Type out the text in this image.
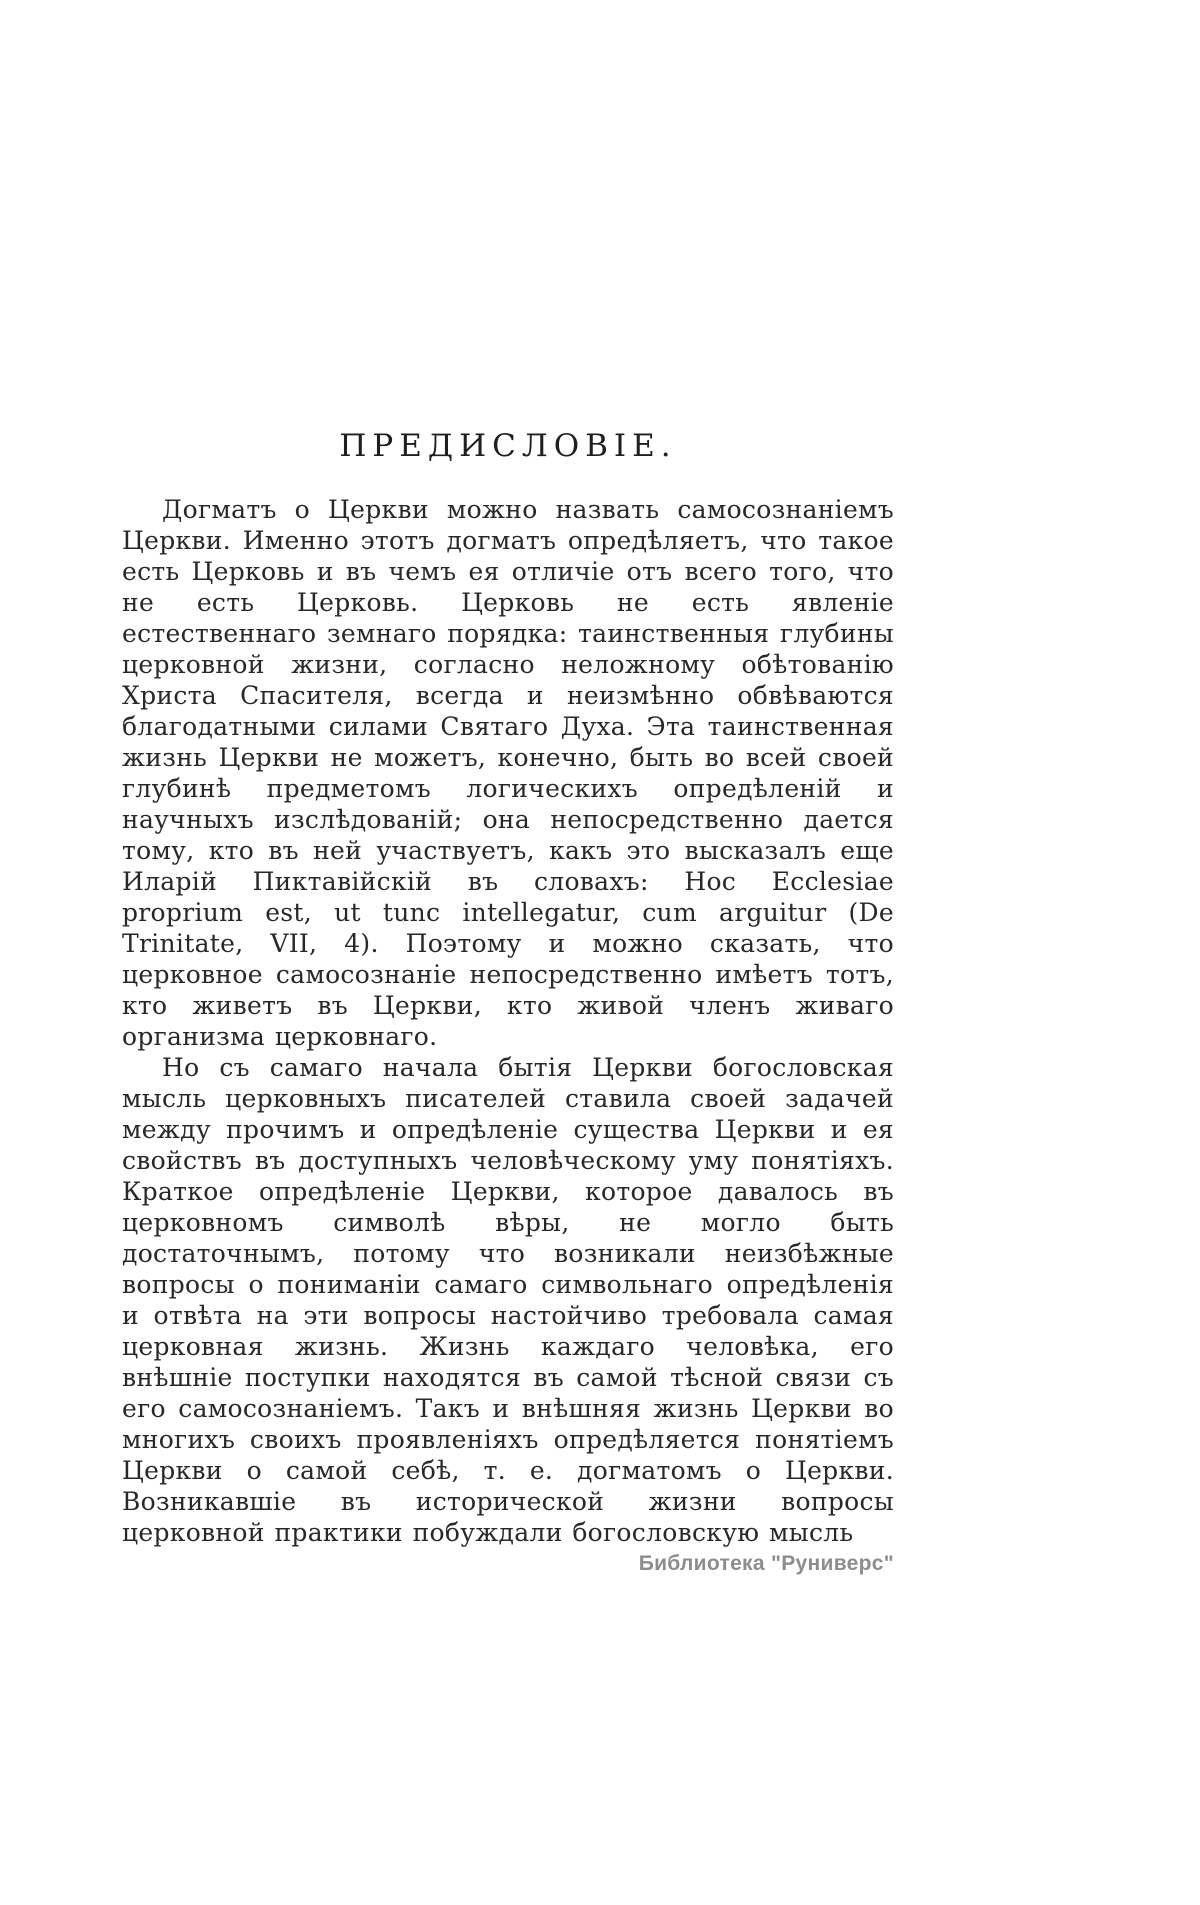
ПРЕДИСЛОВІЕ.

Догматъ о Церкви можно назвать самосознаніемъ Церкви. Именно этотъ догматъ опредѣляетъ, что такое есть Церковь и въ чемъ ея отличіе отъ всего того, что не есть Церковь. Церковь не есть явленіе естественнаго земнаго порядка: таинственныя глубины церковной жизни, согласно неложному обѣтованію Христа Спасителя, всегда и неизмѣнно обвѣваются благодатными силами Святаго Духа. Эта таинственная жизнь Церкви не можетъ, конечно, быть во всей своей глубинѣ предметомъ логическихъ опредѣленій и научныхъ изслѣдованій; она непосредственно дается тому, кто въ ней участвуетъ, какъ это высказалъ еще Иларій Пиктавійскій въ словахъ: Hoc Ecclesiae proprium est, ut tunc intellegatur, cum arguitur (De Trinitate, VII, 4). Поэтому и можно сказать, что церковное самосознаніе непосредственно имѣетъ тотъ, кто живетъ въ Церкви, кто живой членъ живаго организма церковнаго.

Но съ самаго начала бытія Церкви богословская мысль церковныхъ писателей ставила своей задачей между прочимъ и опредѣленіе существа Церкви и ея свойствъ въ доступныхъ человѣческому уму понятіяхъ. Краткое опредѣленіе Церкви, которое давалось въ церковномъ символѣ вѣры, не могло быть достаточнымъ, потому что возникали неизбѣжные вопросы о пониманіи самаго символьнаго опредѣленія и отвѣта на эти вопросы настойчиво требовала самая церковная жизнь. Жизнь каждаго человѣка, его внѣшніе поступки находятся въ самой тѣсной связи съ его самосознаніемъ. Такъ и внѣшняя жизнь Церкви во многихъ своихъ проявленіяхъ опредѣляется понятіемъ Церкви о самой себѣ, т. е. догматомъ о Церкви. Возникавшіе въ исторической жизни вопросы церковной практики побуждали богословскую мысль

Библиотека "Руниверс"
